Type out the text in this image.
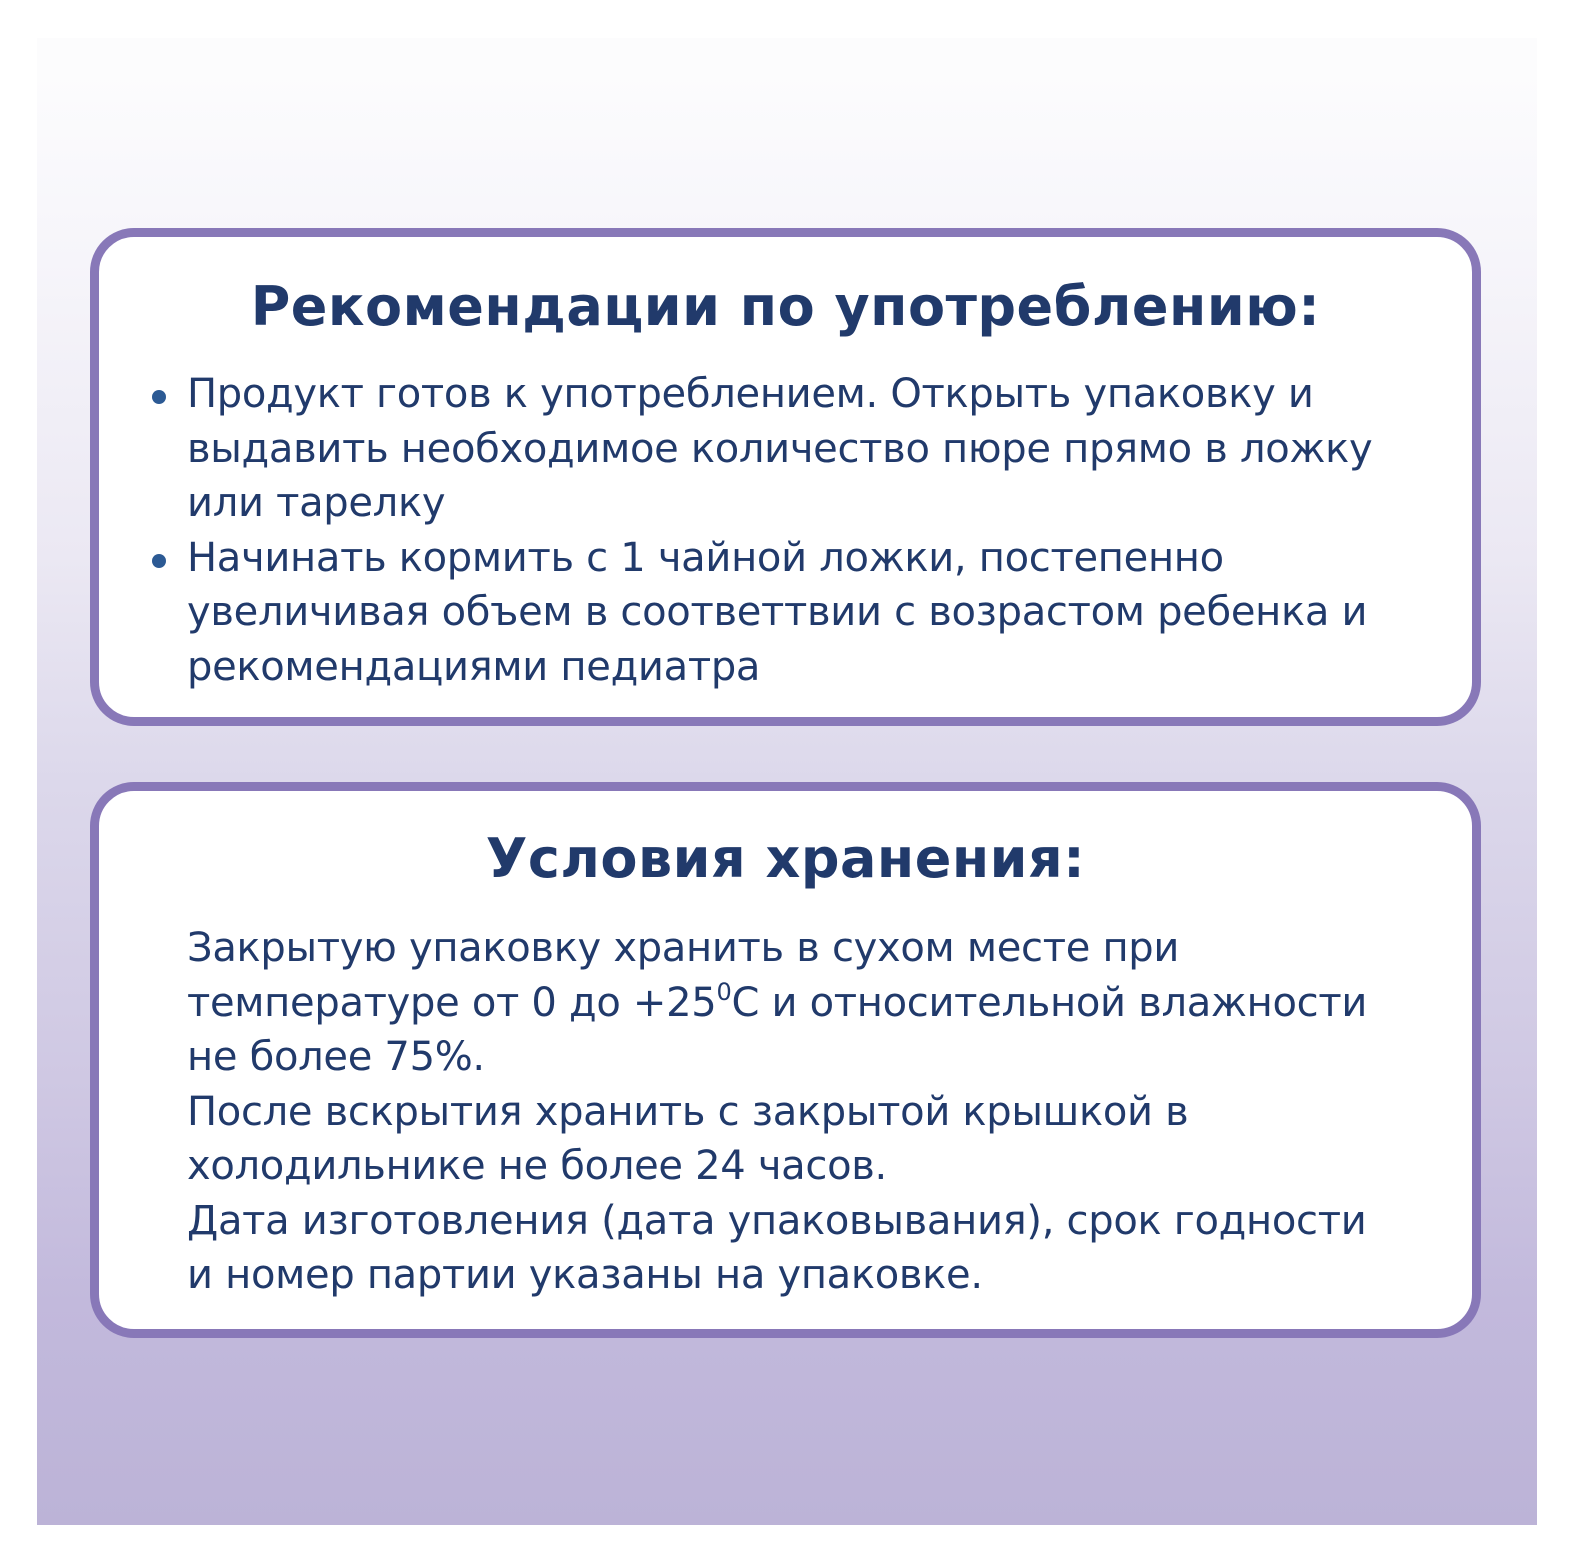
Рекомендации по употреблению:
Продукт готов к употреблением. Открыть упаковку и
выдавить необходимое количество пюре прямо в ложку
или тарелку
Начинать кормить с 1 чайной ложки, постепенно
увеличивая объем в соответтвии с возрастом ребенка и
рекомендациями педиатра
Условия хранения:
Закрытую упаковку хранить в сухом месте при
температуре от 0 до $+25^0С$ и относительной влажности
не более 75%.
После вскрытия хранить с закрытой крышкой в
холодильнике не более 24 часов.
Дата изготовления (дата упаковывания), срок годности
и номер партии указаны на упаковке.
